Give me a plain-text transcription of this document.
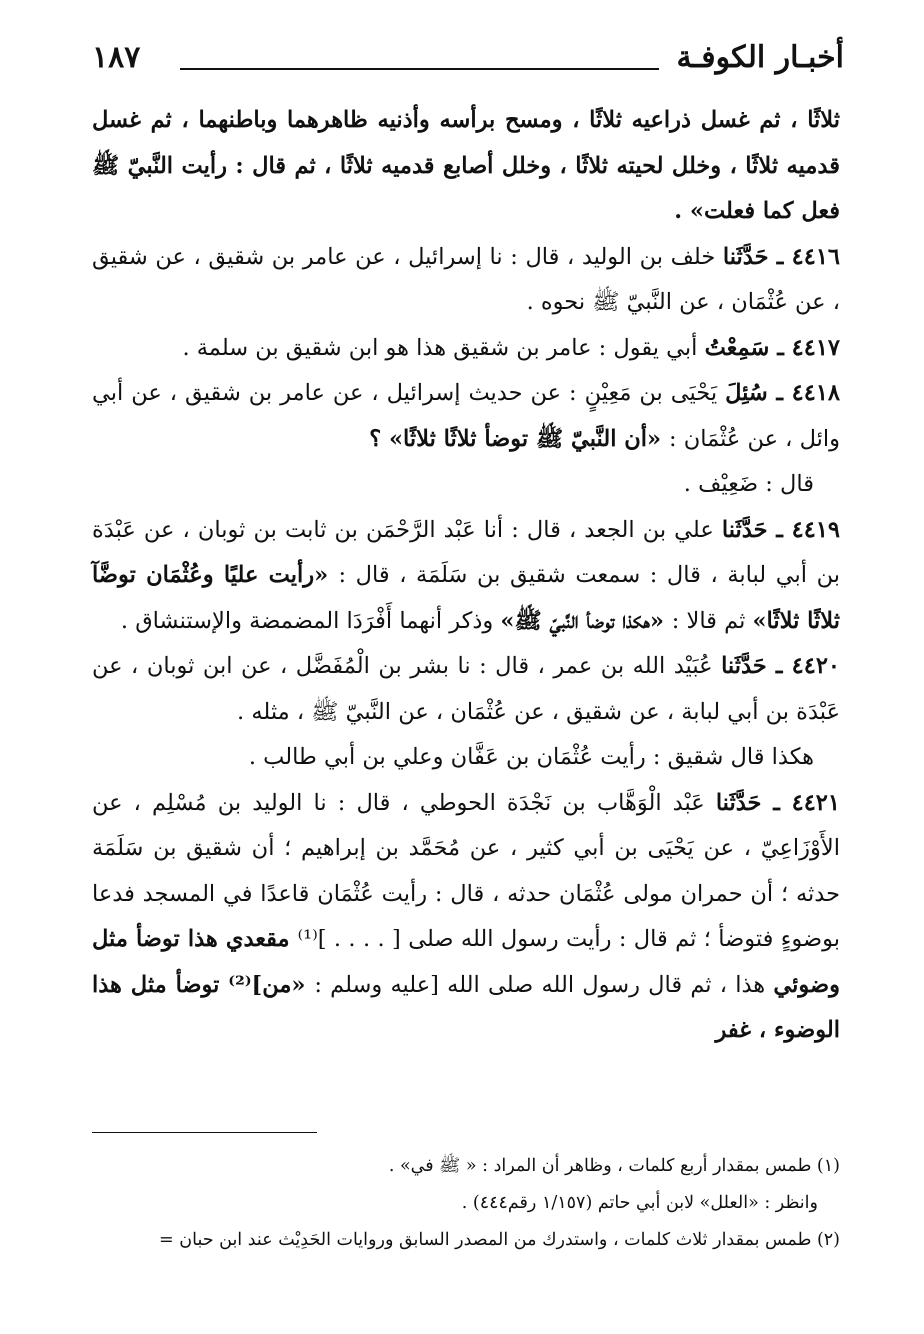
أخبـار الكوفـة
١٨٧

ثلاثًا ، ثم غسل ذراعيه ثلاثًا ، ومسح برأسه وأذنيه ظاهرهما وباطنهما ، ثم غسل قدميه ثلاثًا ، وخلل لحيته ثلاثًا ، وخلل أصابع قدميه ثلاثًا ، ثم قال : رأيت النَّبيّ ﷺ فعل كما فعلت» .

٤٤١٦ ـ حَدَّثَنا خلف بن الوليد ، قال : نا إسرائيل ، عن عامر بن شقيق ، عن شقيق ، عن عُثْمَان ، عن النَّبيّ ﷺ نحوه .

٤٤١٧ ـ سَمِعْتُ أبي يقول : عامر بن شقيق هذا هو ابن شقيق بن سلمة .

٤٤١٨ ـ سُئِلَ يَحْيَى بن مَعِيْنٍ : عن حديث إسرائيل ، عن عامر بن شقيق ، عن أبي وائل ، عن عُثْمَان : «أن النَّبيّ ﷺ توضأ ثلاثًا ثلاثًا» ؟

قال : ضَعِيْف .

٤٤١٩ ـ حَدَّثَنا علي بن الجعد ، قال : أنا عَبْد الرَّحْمَن بن ثابت بن ثوبان ، عن عَبْدَة بن أبي لبابة ، قال : سمعت شقيق بن سَلَمَة ، قال : «رأيت عليًا وعُثْمَان توضَّآ ثلاثًا ثلاثًا» ثم قالا : «هكذا توضأ النَّبيّ ﷺ» وذكر أنهما أَفْرَدَا المضمضة والإستنشاق .

٤٤٢٠ ـ حَدَّثَنا عُبَيْد الله بن عمر ، قال : نا بشر بن الْمُفَضَّل ، عن ابن ثوبان ، عن عَبْدَة بن أبي لبابة ، عن شقيق ، عن عُثْمَان ، عن النَّبيّ ﷺ ، مثله .

هكذا قال شقيق : رأيت عُثْمَان بن عَفَّان وعلي بن أبي طالب .

٤٤٢١ ـ حَدَّثَنا عَبْد الْوَهَّاب بن نَجْدَة الحوطي ، قال : نا الوليد بن مُسْلِم ، عن الأَوْزَاعِيّ ، عن يَحْيَى بن أبي كثير ، عن مُحَمَّد بن إبراهيم ؛ أن شقيق بن سَلَمَة حدثه ؛ أن حمران مولى عُثْمَان حدثه ، قال : رأيت عُثْمَان قاعدًا في المسجد فدعا بوضوءٍ فتوضأ ؛ ثم قال : رأيت رسول الله صلى [ . . . . ]⁽¹⁾ مقعدي هذا توضأ مثل وضوئي هذا ، ثم قال رسول الله صلى الله [عليه وسلم : «من]⁽²⁾ توضأ مثل هذا الوضوء ، غفر

(١) طمس بمقدار أربع كلمات ، وظاهر أن المراد : « ﷺ في» .

وانظر : «العلل» لابن أبي حاتم (١/١٥٧ رقم٤٤٤) .

(٢) طمس بمقدار ثلاث كلمات ، واستدرك من المصدر السابق وروايات الحَدِيْث عند ابن حبان =
